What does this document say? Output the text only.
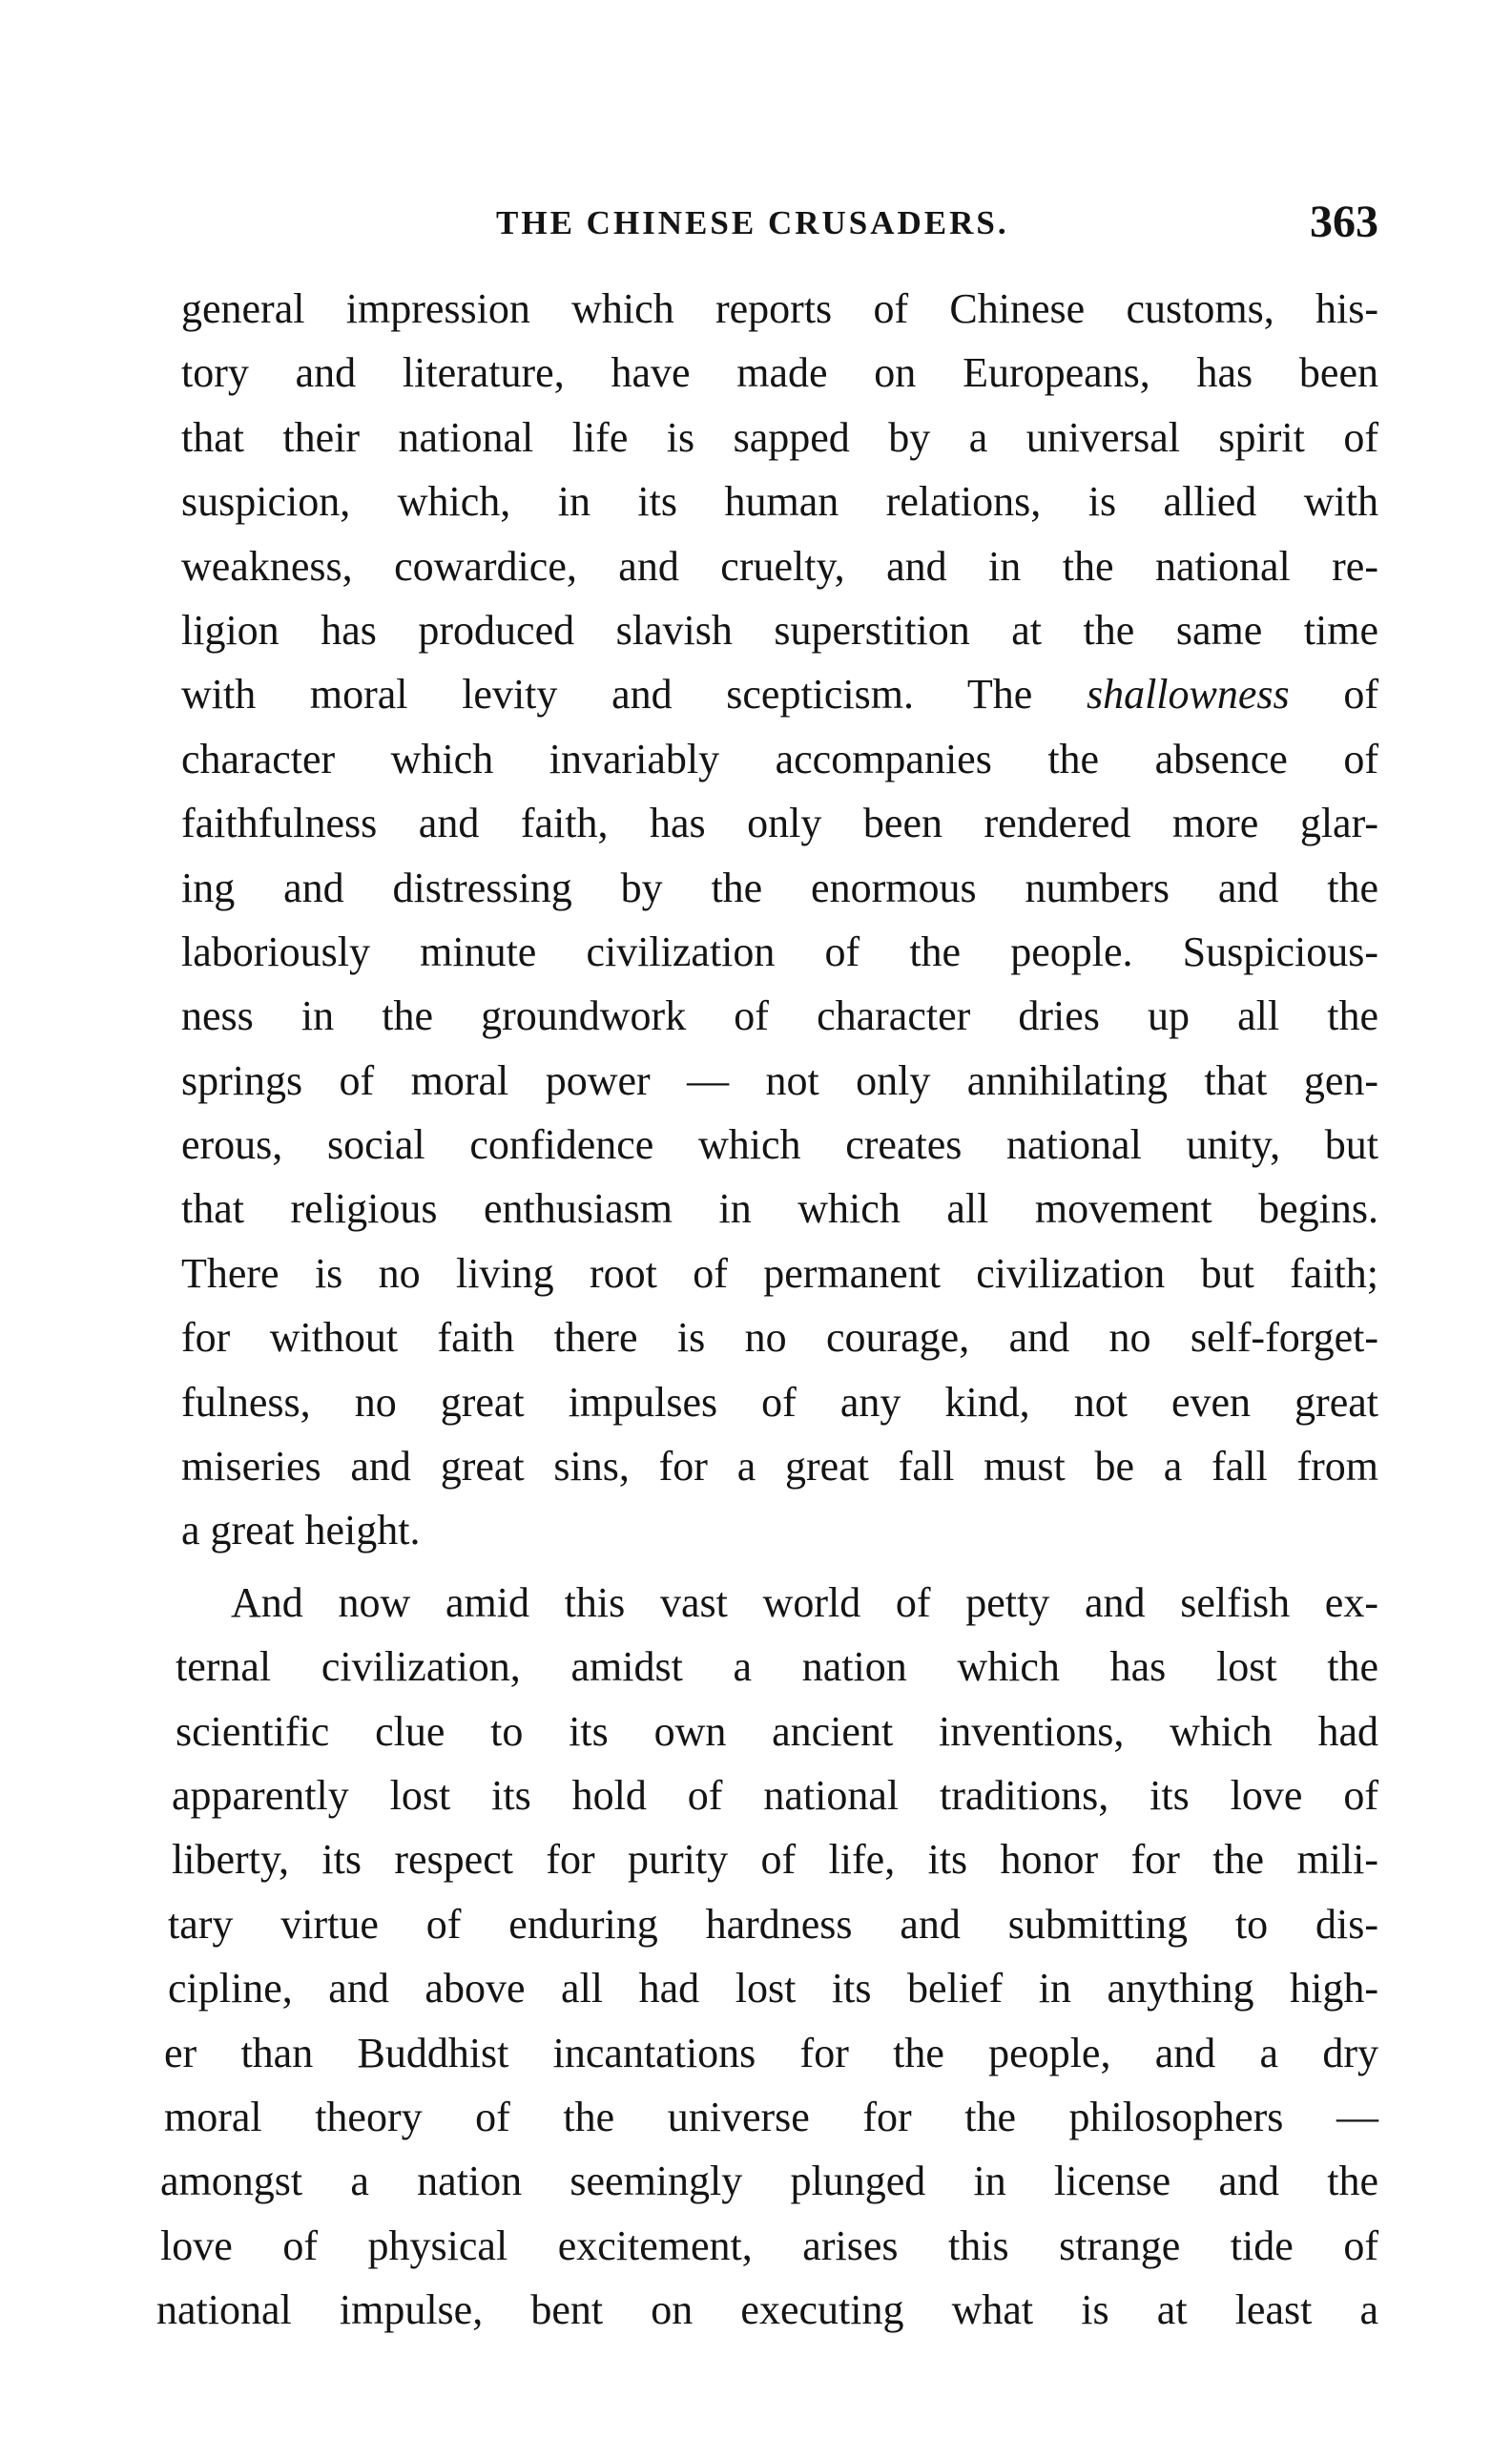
THE CHINESE CRUSADERS.	363
general impression which reports of Chinese customs, his-
tory and literature, have made on Europeans, has been
that their national life is sapped by a universal spirit of
suspicion, which, in its human relations, is allied with
weakness, cowardice, and cruelty, and in the national re-
ligion has produced slavish superstition at the same time
with moral levity and scepticism. The shallowness of
character which invariably accompanies the absence of
faithfulness and faith, has only been rendered more glar-
ing and distressing by the enormous numbers and the
laboriously minute civilization of the people. Suspicious-
ness in the groundwork of character dries up all the
springs of moral power — not only annihilating that gen-
erous, social confidence which creates national unity, but
that religious enthusiasm in which all movement begins.
There is no living root of permanent civilization but faith;
for without faith there is no courage, and no self-forget-
fulness, no great impulses of any kind, not even great
miseries and great sins, for a great fall must be a fall from
a great height.
And now amid this vast world of petty and selfish ex-
ternal civilization, amidst a nation which has lost the
scientific clue to its own ancient inventions, which had
apparently lost its hold of national traditions, its love of
liberty, its respect for purity of life, its honor for the mili-
tary virtue of enduring hardness and submitting to dis-
cipline, and above all had lost its belief in anything high-
er than Buddhist incantations for the people, and a dry
moral theory of the universe for the philosophers —
amongst a nation seemingly plunged in license and the
love of physical excitement, arises this strange tide of
national impulse, bent on executing what is at least a
